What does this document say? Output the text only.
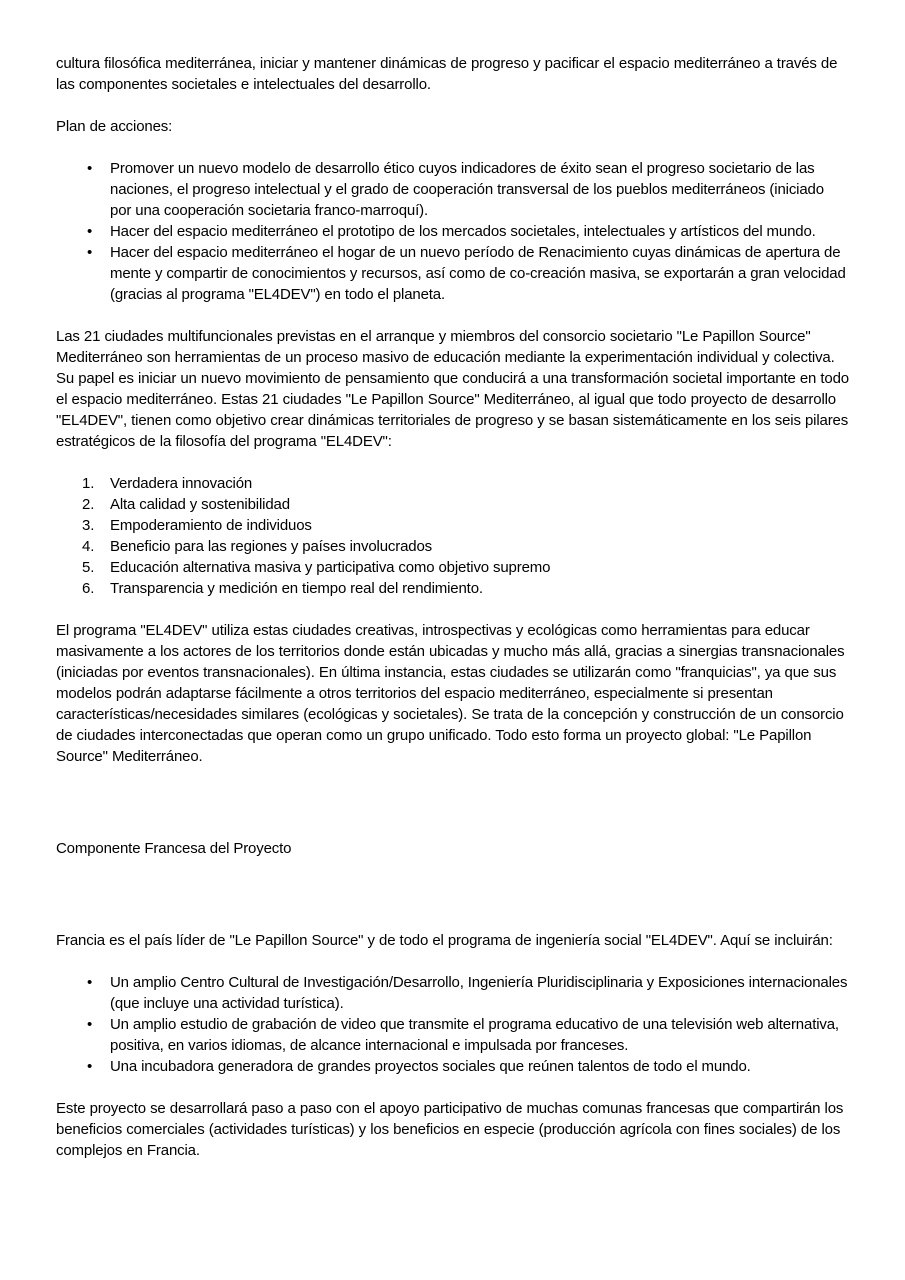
cultura filosófica mediterránea, iniciar y mantener dinámicas de progreso y pacificar el espacio mediterráneo a través de las componentes societales e intelectuales del desarrollo.

Plan de acciones:

• Promover un nuevo modelo de desarrollo ético cuyos indicadores de éxito sean el progreso societario de las naciones, el progreso intelectual y el grado de cooperación transversal de los pueblos mediterráneos (iniciado por una cooperación societaria franco-marroquí).
• Hacer del espacio mediterráneo el prototipo de los mercados societales, intelectuales y artísticos del mundo.
• Hacer del espacio mediterráneo el hogar de un nuevo período de Renacimiento cuyas dinámicas de apertura de mente y compartir de conocimientos y recursos, así como de co-creación masiva, se exportarán a gran velocidad (gracias al programa "EL4DEV") en todo el planeta.

Las 21 ciudades multifuncionales previstas en el arranque y miembros del consorcio societario "Le Papillon Source" Mediterráneo son herramientas de un proceso masivo de educación mediante la experimentación individual y colectiva. Su papel es iniciar un nuevo movimiento de pensamiento que conducirá a una transformación societal importante en todo el espacio mediterráneo. Estas 21 ciudades "Le Papillon Source" Mediterráneo, al igual que todo proyecto de desarrollo "EL4DEV", tienen como objetivo crear dinámicas territoriales de progreso y se basan sistemáticamente en los seis pilares estratégicos de la filosofía del programa "EL4DEV":

1.	Verdadera innovación
2.	Alta calidad y sostenibilidad
3.	Empoderamiento de individuos
4.	Beneficio para las regiones y países involucrados
5.	Educación alternativa masiva y participativa como objetivo supremo
6.	Transparencia y medición en tiempo real del rendimiento.

El programa "EL4DEV" utiliza estas ciudades creativas, introspectivas y ecológicas como herramientas para educar masivamente a los actores de los territorios donde están ubicadas y mucho más allá, gracias a sinergias transnacionales (iniciadas por eventos transnacionales). En última instancia, estas ciudades se utilizarán como "franquicias", ya que sus modelos podrán adaptarse fácilmente a otros territorios del espacio mediterráneo, especialmente si presentan características/necesidades similares (ecológicas y societales). Se trata de la concepción y construcción de un consorcio de ciudades interconectadas que operan como un grupo unificado. Todo esto forma un proyecto global: "Le Papillon Source" Mediterráneo.

Componente Francesa del Proyecto

Francia es el país líder de "Le Papillon Source" y de todo el programa de ingeniería social "EL4DEV". Aquí se incluirán:

• Un amplio Centro Cultural de Investigación/Desarrollo, Ingeniería Pluridisciplinaria y Exposiciones internacionales (que incluye una actividad turística).
• Un amplio estudio de grabación de video que transmite el programa educativo de una televisión web alternativa, positiva, en varios idiomas, de alcance internacional e impulsada por franceses.
• Una incubadora generadora de grandes proyectos sociales que reúnen talentos de todo el mundo.

Este proyecto se desarrollará paso a paso con el apoyo participativo de muchas comunas francesas que compartirán los beneficios comerciales (actividades turísticas) y los beneficios en especie (producción agrícola con fines sociales) de los complejos en Francia.
